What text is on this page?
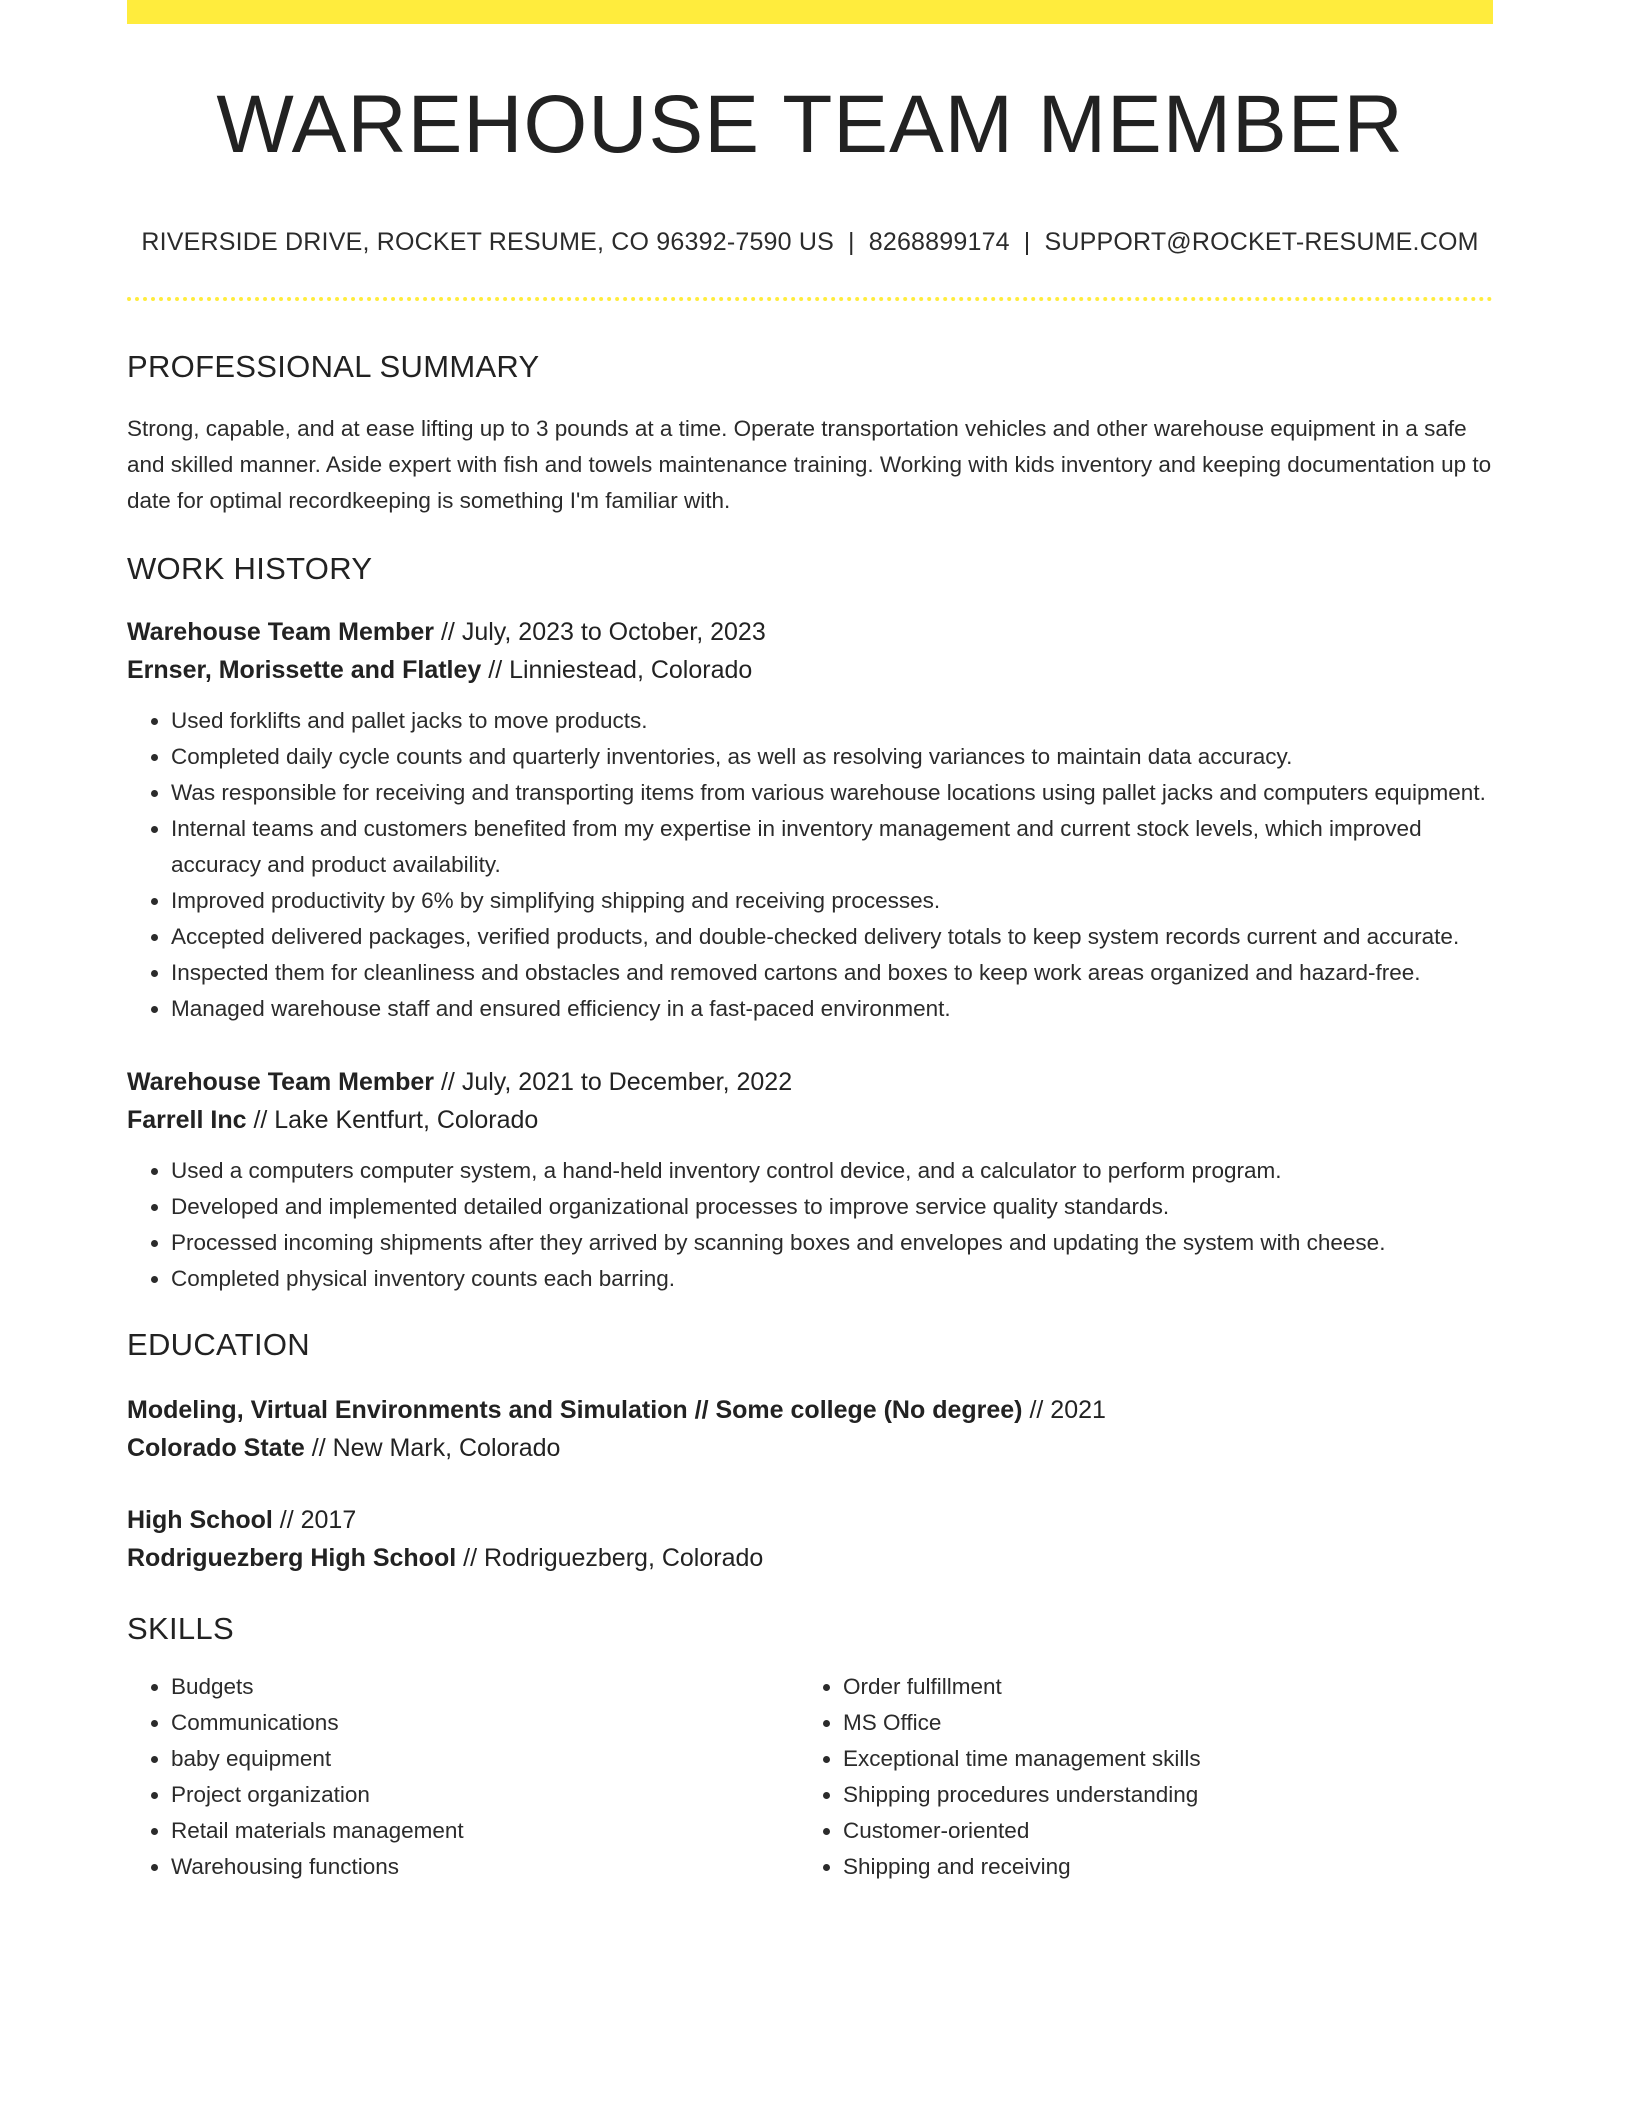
WAREHOUSE TEAM MEMBER
RIVERSIDE DRIVE, ROCKET RESUME, CO 96392-7590 US | 8268899174 | SUPPORT@ROCKET-RESUME.COM
PROFESSIONAL SUMMARY

Strong, capable, and at ease lifting up to 3 pounds at a time. Operate transportation vehicles and other warehouse equipment in a safe and skilled manner. Aside expert with fish and towels maintenance training. Working with kids inventory and keeping documentation up to date for optimal recordkeeping is something I'm familiar with.

WORK HISTORY
Warehouse Team Member // July, 2023 to October, 2023
Ernser, Morissette and Flatley // Linniestead, Colorado
• Used forklifts and pallet jacks to move products.
• Completed daily cycle counts and quarterly inventories, as well as resolving variances to maintain data accuracy.
• Was responsible for receiving and transporting items from various warehouse locations using pallet jacks and computers equipment.
• Internal teams and customers benefited from my expertise in inventory management and current stock levels, which improved accuracy and product availability.
• Improved productivity by 6% by simplifying shipping and receiving processes.
• Accepted delivered packages, verified products, and double-checked delivery totals to keep system records current and accurate.
• Inspected them for cleanliness and obstacles and removed cartons and boxes to keep work areas organized and hazard-free.
• Managed warehouse staff and ensured efficiency in a fast-paced environment.
Warehouse Team Member // July, 2021 to December, 2022
Farrell Inc // Lake Kentfurt, Colorado
• Used a computers computer system, a hand-held inventory control device, and a calculator to perform program.
• Developed and implemented detailed organizational processes to improve service quality standards.
• Processed incoming shipments after they arrived by scanning boxes and envelopes and updating the system with cheese.
• Completed physical inventory counts each barring.
EDUCATION
Modeling, Virtual Environments and Simulation // Some college (No degree) // 2021
Colorado State // New Mark, Colorado
High School // 2017
Rodriguezberg High School // Rodriguezberg, Colorado
SKILLS
• Budgets
• Communications
• baby equipment
• Project organization
• Retail materials management
• Warehousing functions
• Order fulfillment
• MS Office
• Exceptional time management skills
• Shipping procedures understanding
• Customer-oriented
• Shipping and receiving
